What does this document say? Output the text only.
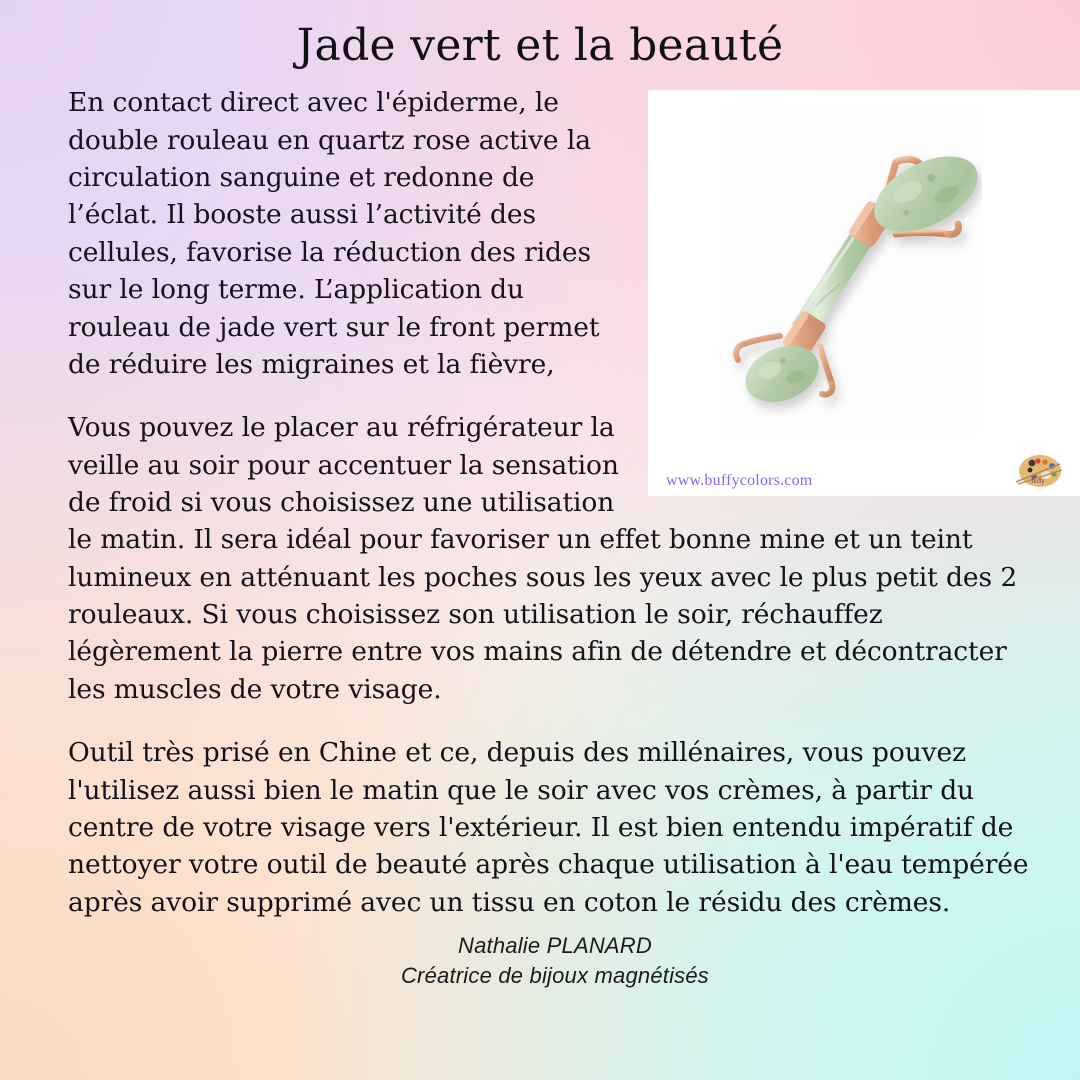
Jade vert et la beauté
www.buffycolors.com	buffy

En contact direct avec l'épiderme, le double rouleau en quartz rose active la circulation sanguine et redonne de l’éclat. Il booste aussi l’activité des cellules, favorise la réduction des rides sur le long terme. L’application du rouleau de jade vert sur le front permet de réduire les migraines et la fièvre,

Vous pouvez le placer au réfrigérateur la veille au soir pour accentuer la sensation de froid si vous choisissez une utilisation le matin. Il sera idéal pour favoriser un effet bonne mine et un teint lumineux en atténuant les poches sous les yeux avec le plus petit des 2 rouleaux. Si vous choisissez son utilisation le soir, réchauffez légèrement la pierre entre vos mains afin de détendre et décontracter les muscles de votre visage.

Outil très prisé en Chine et ce, depuis des millénaires, vous pouvez l'utilisez aussi bien le matin que le soir avec vos crèmes, à partir du centre de votre visage vers l'extérieur. Il est bien entendu impératif de nettoyer votre outil de beauté après chaque utilisation à l'eau tempérée après avoir supprimé avec un tissu en coton le résidu des crèmes.

Nathalie PLANARD
Créatrice de bijoux magnétisés
